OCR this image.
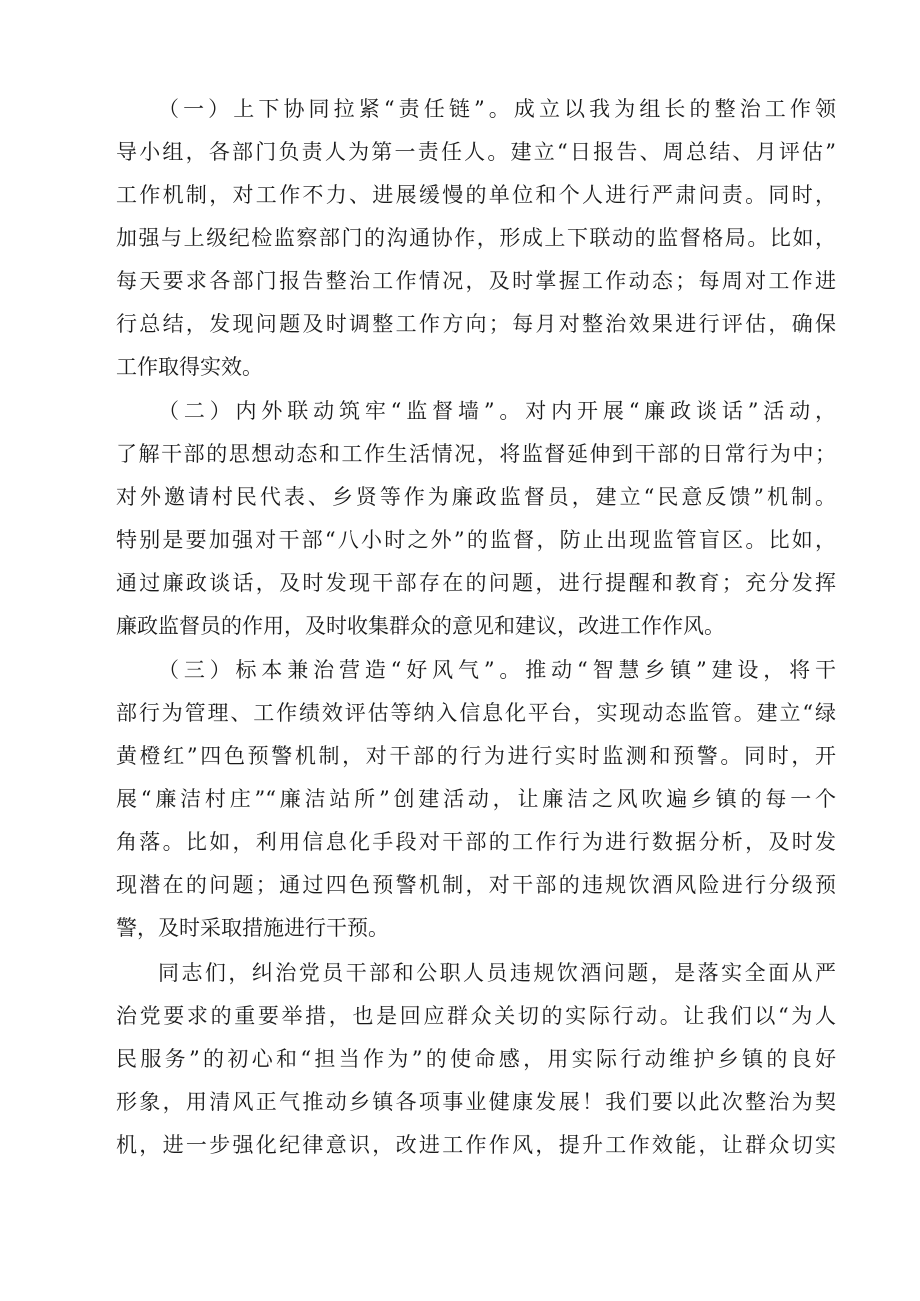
（一）上下协同拉紧“责任链”。成立以我为组长的整治工作领
导小组，各部门负责人为第一责任人。建立“日报告、周总结、月评估”
工作机制，对工作不力、进展缓慢的单位和个人进行严肃问责。同时，
加强与上级纪检监察部门的沟通协作，形成上下联动的监督格局。比如，
每天要求各部门报告整治工作情况，及时掌握工作动态；每周对工作进
行总结，发现问题及时调整工作方向；每月对整治效果进行评估，确保
工作取得实效。
（二）内外联动筑牢“监督墙”。对内开展“廉政谈话”活动，
了解干部的思想动态和工作生活情况，将监督延伸到干部的日常行为中；
对外邀请村民代表、乡贤等作为廉政监督员，建立“民意反馈”机制。
特别是要加强对干部“八小时之外”的监督，防止出现监管盲区。比如，
通过廉政谈话，及时发现干部存在的问题，进行提醒和教育；充分发挥
廉政监督员的作用，及时收集群众的意见和建议，改进工作作风。
（三）标本兼治营造“好风气”。推动“智慧乡镇”建设，将干
部行为管理、工作绩效评估等纳入信息化平台，实现动态监管。建立“绿
黄橙红”四色预警机制，对干部的行为进行实时监测和预警。同时，开
展“廉洁村庄”“廉洁站所”创建活动，让廉洁之风吹遍乡镇的每一个
角落。比如，利用信息化手段对干部的工作行为进行数据分析，及时发
现潜在的问题；通过四色预警机制，对干部的违规饮酒风险进行分级预
警，及时采取措施进行干预。
同志们，纠治党员干部和公职人员违规饮酒问题，是落实全面从严
治党要求的重要举措，也是回应群众关切的实际行动。让我们以“为人
民服务”的初心和“担当作为”的使命感，用实际行动维护乡镇的良好
形象，用清风正气推动乡镇各项事业健康发展！我们要以此次整治为契
机，进一步强化纪律意识，改进工作作风，提升工作效能，让群众切实
